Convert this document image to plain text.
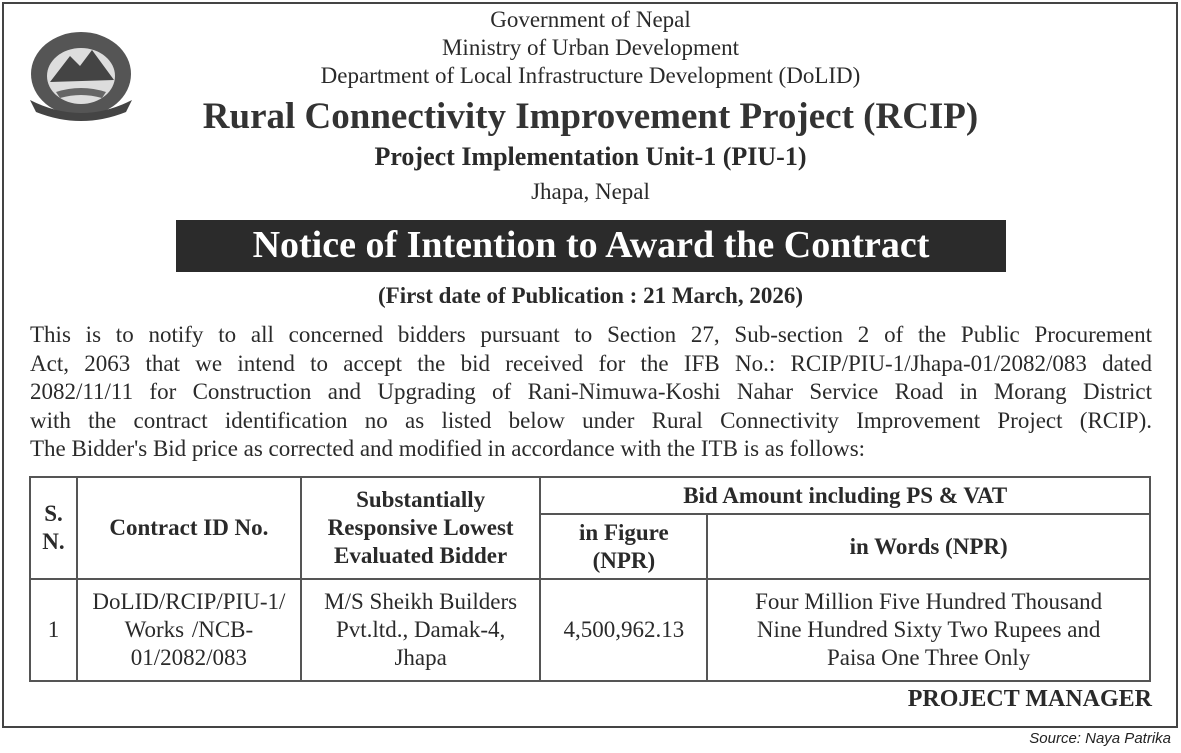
Government of Nepal
Ministry of Urban Development
Department of Local Infrastructure Development (DoLID)
Rural Connectivity Improvement Project (RCIP)
Project Implementation Unit-1 (PIU-1)
Jhapa, Nepal
Notice of Intention to Award the Contract
(First date of Publication : 21 March, 2026)
This is to notify to all concerned bidders pursuant to Section 27, Sub-section 2 of the Public Procurement
Act, 2063 that we intend to accept the bid received for the IFB No.: RCIP/PIU-1/Jhapa-01/2082/083 dated
2082/11/11 for Construction and Upgrading of Rani-Nimuwa-Koshi Nahar Service Road in Morang District
with the contract identification no as listed below under Rural Connectivity Improvement Project (RCIP).
The Bidder's Bid price as corrected and modified in accordance with the ITB is as follows:
S. N.	Contract ID No.	Substantially Responsive Lowest Evaluated Bidder	Bid Amount including PS & VAT	
			in Figure (NPR)	in Words (NPR)
1	DoLID/RCIP/PIU-1/ Works /NCB-01/2082/083	M/S Sheikh Builders Pvt.ltd., Damak-4, Jhapa	4,500,962.13	Four Million Five Hundred Thousand Nine Hundred Sixty Two Rupees and Paisa One Three Only
PROJECT MANAGER
Source: Naya Patrika
